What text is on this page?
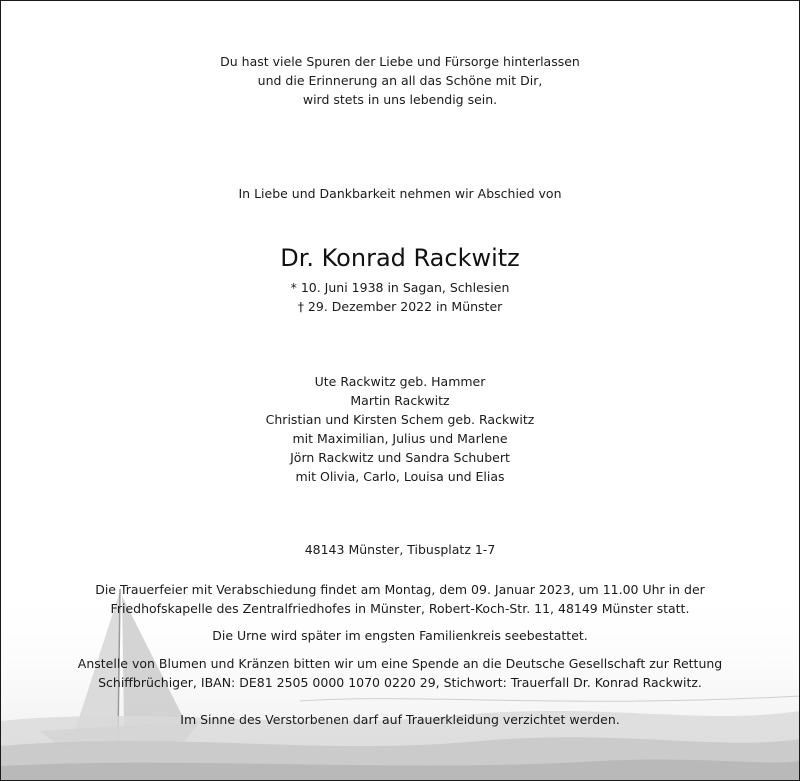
Du hast viele Spuren der Liebe und Fürsorge hinterlassen
und die Erinnerung an all das Schöne mit Dir,
wird stets in uns lebendig sein.
In Liebe und Dankbarkeit nehmen wir Abschied von
Dr. Konrad Rackwitz
* 10. Juni 1938 in Sagan, Schlesien
† 29. Dezember 2022 in Münster
Ute Rackwitz geb. Hammer
Martin Rackwitz
Christian und Kirsten Schem geb. Rackwitz
mit Maximilian, Julius und Marlene
Jörn Rackwitz und Sandra Schubert
mit Olivia, Carlo, Louisa und Elias
48143 Münster, Tibusplatz 1-7
Die Trauerfeier mit Verabschiedung findet am Montag, dem 09. Januar 2023, um 11.00 Uhr in der
Friedhofskapelle des Zentralfriedhofes in Münster, Robert-Koch-Str. 11, 48149 Münster statt.
Die Urne wird später im engsten Familienkreis seebestattet.
Anstelle von Blumen und Kränzen bitten wir um eine Spende an die Deutsche Gesellschaft zur Rettung
Schiffbrüchiger, IBAN: DE81 2505 0000 1070 0220 29, Stichwort: Trauerfall Dr. Konrad Rackwitz.
Im Sinne des Verstorbenen darf auf Trauerkleidung verzichtet werden.
